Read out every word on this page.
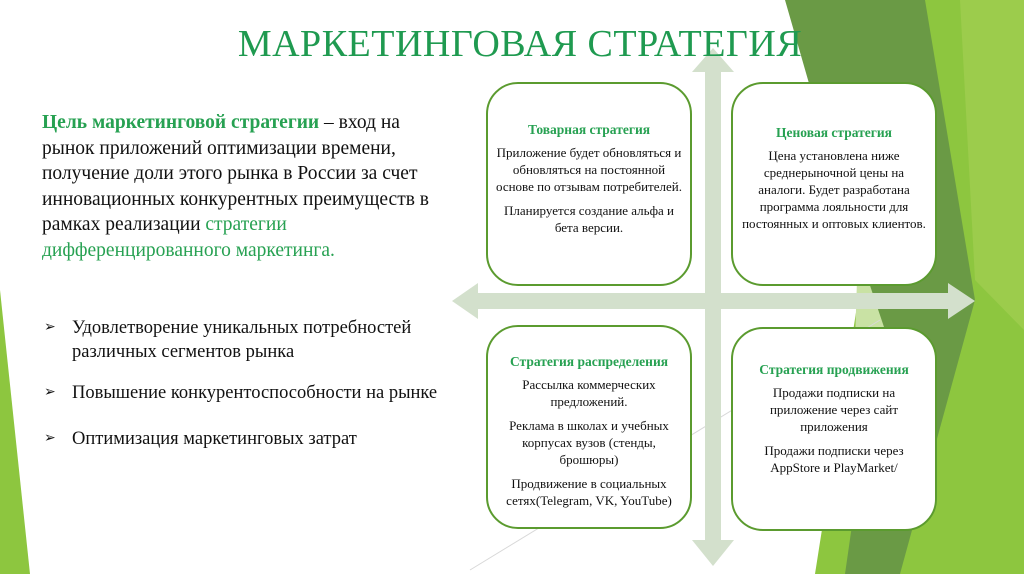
МАРКЕТИНГОВАЯ СТРАТЕГИЯ
Цель маркетинговой стратегии – вход на рынок приложений оптимизации времени, получение доли этого рынка в России за счет инновационных конкурентных преимуществ в рамках реализации стратегии дифференцированного маркетинга.
➢ Удовлетворение уникальных потребностей различных сегментов рынка
➢ Повышение конкурентоспособности на рынке
➢ Оптимизация маркетинговых затрат
Товарная стратегия

Приложение будет обновляться и обновляться на постоянной основе по отзывам потребителей.

Планируется создание альфа и бета версии.

Ценовая стратегия

Цена установлена ниже среднерыночной цены на аналоги. Будет разработана программа лояльности для постоянных и оптовых клиентов.

Стратегия распределения

Рассылка коммерческих предложений.

Реклама в школах и учебных корпусах вузов (стенды, брошюры)

Продвижение в социальных сетях(Telegram, VK, YouTube)

Стратегия продвижения

Продажи подписки на приложение через сайт приложения

Продажи подписки через AppStore и PlayMarket/
